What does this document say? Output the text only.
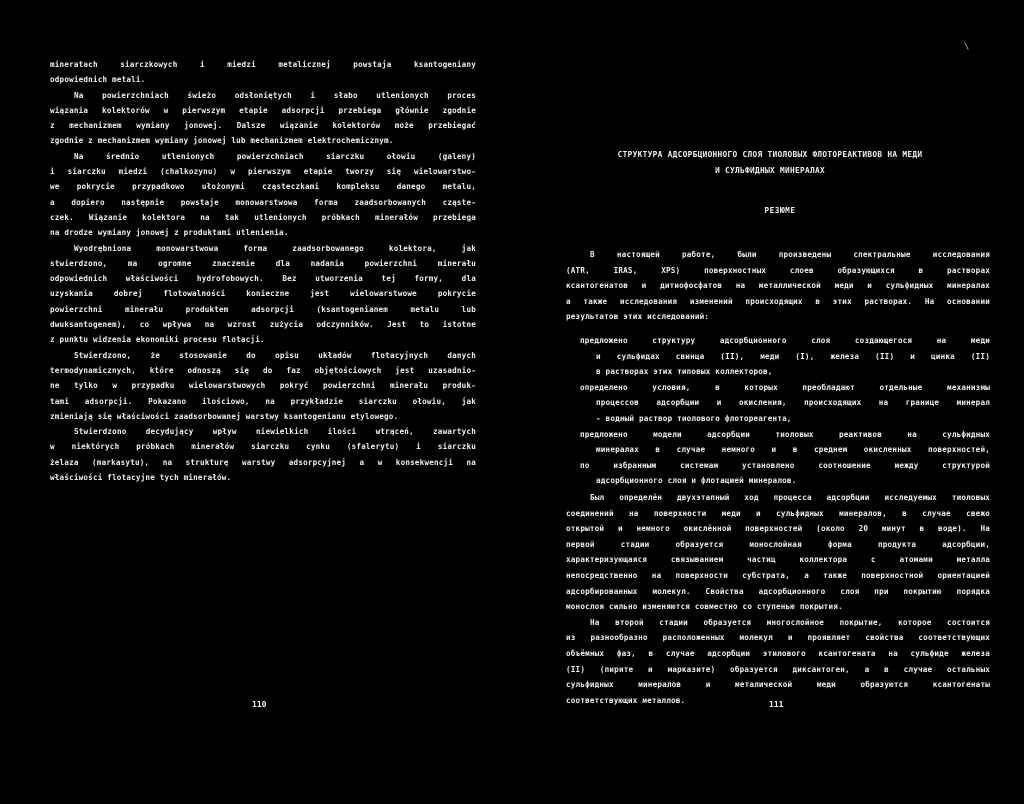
\
mineratach siarczkowych i miedzi metalicznej powstaja ksantogeniany
odpowiednich metali.
Na powierzchniach świeżo odsłoniętych i słabo utlenionych proces
wiązania kolektorów w pierwszym etapie adsorpcji przebiega głównie zgodnie
z mechanizmem wymiany jonowej. Dalsze wiązanie kolektorów może przebiegać
zgodnie z mechanizmem wymiany jonowej lub mechanizmem elektrochemicznym.
Na średnio utlenionych powierzchniach siarczku ołowiu (galeny)
i siarczku miedzi (chalkozynu) w pierwszym etapie tworzy się wielowarstwo-
we pokrycie przypadkowo ułożonymi cząsteczkami kompleksu danego metalu,
a dopiero następnie powstaje monowarstwowa forma zaadsorbowanych cząste-
czek. Wiązanie kolektora na tak utlenionych próbkach minerałów przebiega
na drodze wymiany jonowej z produktami utlenienia.
Wyodrębniona monowarstwowa forma zaadsorbowanego kolektora, jak
stwierdzono, ma ogromne znaczenie dla nadania powierzchni minerału
odpowiednich właściwości hydrofobowych. Bez utworzenia tej formy, dla
uzyskania dobrej flotowalności konieczne jest wielowarstwowe pokrycie
powierzchni minerału produktem adsorpcji (ksantogenianem metalu lub
dwuksantogenem), co wpływa na wzrost zużycia odczynników. Jest to istotne
z punktu widzenia ekonomiki procesu flotacji.
Stwierdzono, że stosowanie do opisu układów flotacyjnych danych
termodynamicznych, które odnoszą się do faz objętościowych jest uzasadnio-
ne tylko w przypadku wielowarstwowych pokryć powierzchni minerału produk-
tami adsorpcji. Pokazano ilościowo, na przykładzie siarczku ołowiu, jak
zmieniają się właściwości zaadsorbowanej warstwy ksantogenianu etylowego.
Stwierdzono decydujący wpływ niewielkich ilości wtrąceń, zawartych
w niektórych próbkach minerałów siarczku cynku (sfalerytu) i siarczku
żelaza (markasytu), na strukturę warstwy adsorpcyjnej a w konsekwencji na
właściwości flotacyjne tych minerałów.
СТРУКТУРА АДСОРБЦИОННОГО СЛОЯ ТИОЛОВЫХ ФЛОТОРЕАКТИВОВ НА МЕДИ
И СУЛЬФИДНЫХ МИНЕРАЛАХ
РЕЗЮМЕ
В настоящей работе, были произведены спектральные исследования
(АТR, IRAS, XPS) поверхностных слоев образующихся в растворах
ксантогенатов и дитиофосфатов на металлической меди и сульфидных минералах
а также исследования изменений происходящих в этих растворах. На основании
результатов этих исследований:
предложено структуру адсорбционного слоя создающегося на меди
и сульфидах свинца (II), меди (I), железа (II) и цинка (II)
в растворах этих типовых коллекторов,
определено условия, в которых преобладают отдельные механизмы
процессов адсорбции и окисления, происходящих на границе минерал
- водный раствор тиолового флотореагента,
предложено модели адсорбции тиоловых реактивов на сульфидных
минералах в случае немного и в среднем окисленных поверхностей,
по избранным системам установлено соотношение между структурой
адсорбционного слоя и флотацией минералов.
Был определён двухэтапный ход процесса адсорбции исследуемых тиоловых
соединений на поверхности меди и сульфидных минералов, в случае свежо
открытой и немного окислённой поверхностей (около 20 минут в воде). На
первой стадии образуется монослойная форма продукта адсорбции,
характеризующаяся связыванием частиц коллектора с атомами металла
непосредственно на поверхности субстрата, а также поверхностной ориентацией
адсорбированных молекул. Свойства адсорбционного слоя при покрытию порядка
монослоя сильно изменяются совместно со ступенью покрытия.
На второй стадии образуется многослойное покрытие, которое состоится
из разнообразно расположенных молекул и проявляет свойства соответствующих
объёмных фаз, в случае адсорбции этилового ксантогената на сульфиде железа
(II) (пирите и марказите) образуется диксантоген, а в случае остальных
сульфидных минералов и металической меди образуются ксантогенаты
соответствующих металлов.
110	111
